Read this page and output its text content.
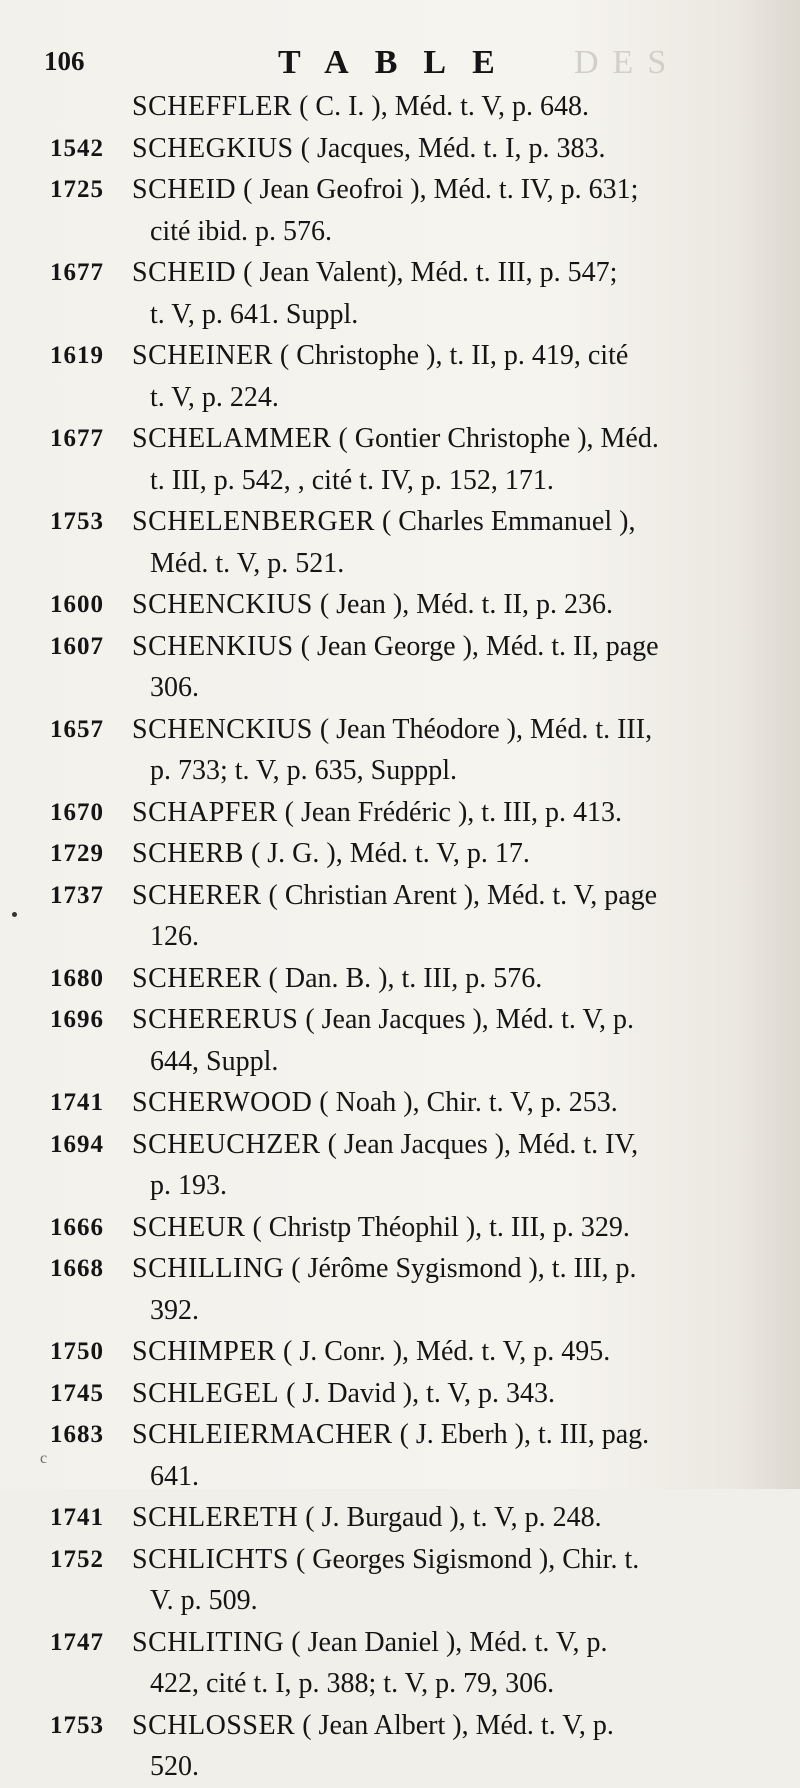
106	TABLE DES
SCHEFFLER ( C. I. ), Méd. t. V, p. 648.
1542 SCHEGKIUS ( Jacques, Méd. t. I, p. 383.
1725 SCHEID ( Jean Geofroi ), Méd. t. IV, p. 631;
cité ibid. p. 576.
1677 SCHEID ( Jean Valent), Méd. t. III, p. 547;
t. V, p. 641. Suppl.
1619 SCHEINER ( Christophe ), t. II, p. 419, cité
t. V, p. 224.
1677 SCHELAMMER ( Gontier Christophe ), Méd.
t. III, p. 542, , cité t. IV, p. 152, 171.
1753 SCHELENBERGER ( Charles Emmanuel ),
Méd. t. V, p. 521.
1600 SCHENCKIUS ( Jean ), Méd. t. II, p. 236.
1607 SCHENKIUS ( Jean George ), Méd. t. II, page
306.
1657 SCHENCKIUS ( Jean Théodore ), Méd. t. III,
p. 733; t. V, p. 635, Supppl.
1670 SCHAPFER ( Jean Frédéric ), t. III, p. 413.
1729 SCHERB ( J. G. ), Méd. t. V, p. 17.
1737 SCHERER ( Christian Arent ), Méd. t. V, page
126.
1680 SCHERER ( Dan. B. ), t. III, p. 576.
1696 SCHERERUS ( Jean Jacques ), Méd. t. V, p.
644, Suppl.
1741 SCHERWOOD ( Noah ), Chir. t. V, p. 253.
1694 SCHEUCHZER ( Jean Jacques ), Méd. t. IV,
p. 193.
1666 SCHEUR ( Christp Théophil ), t. III, p. 329.
1668 SCHILLING ( Jérôme Sygismond ), t. III, p.
392.
1750 SCHIMPER ( J. Conr. ), Méd. t. V, p. 495.
1745 SCHLEGEL ( J. David ), t. V, p. 343.
1683 SCHLEIERMACHER ( J. Eberh ), t. III, pag.
641.
1741 SCHLERETH ( J. Burgaud ), t. V, p. 248.
1752 SCHLICHTS ( Georges Sigismond ), Chir. t.
V. p. 509.
1747 SCHLITING ( Jean Daniel ), Méd. t. V, p.
422, cité t. I, p. 388; t. V, p. 79, 306.
1753 SCHLOSSER ( Jean Albert ), Méd. t. V, p.
520.
c
